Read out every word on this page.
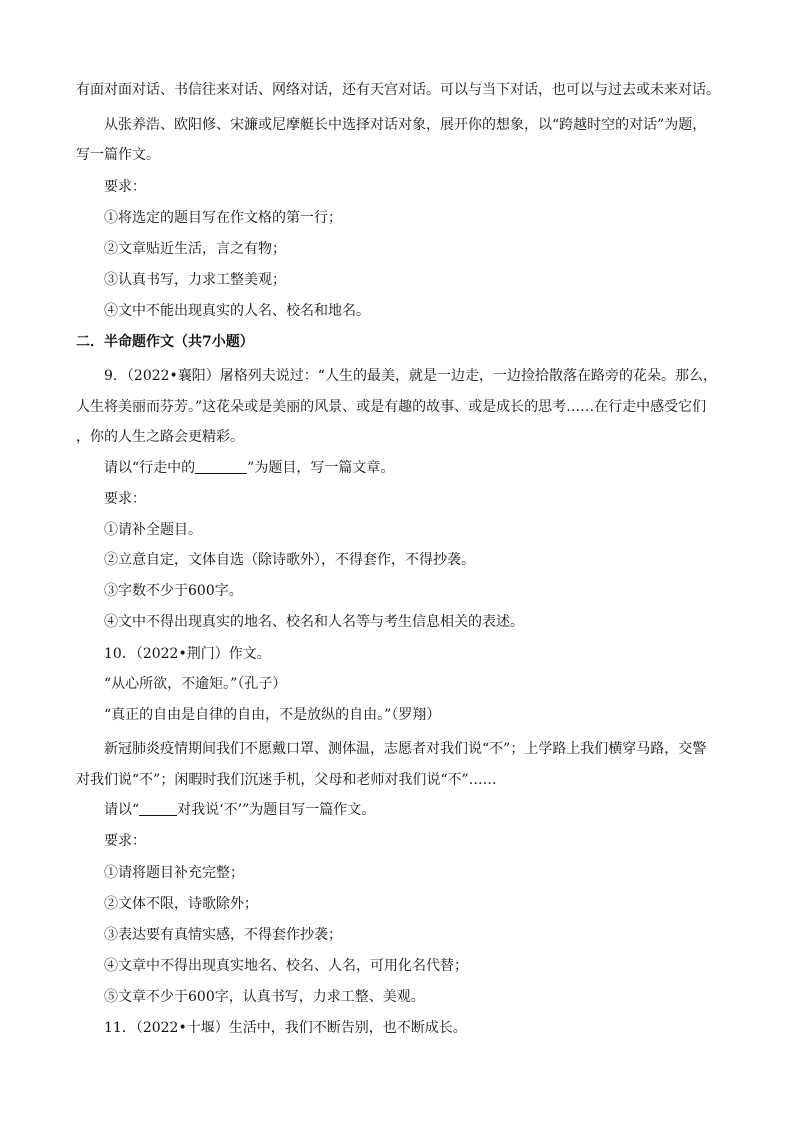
有面对面对话、书信往来对话、网络对话，还有天宫对话。可以与当下对话，也可以与过去或未来对话。
从张养浩、欧阳修、宋濂或尼摩艇长中选择对话对象，展开你的想象，以“跨越时空的对话”为题，
写一篇作文。
要求：
①将选定的题目写在作文格的第一行；
②文章贴近生活，言之有物；
③认真书写，力求工整美观；
④文中不能出现真实的人名、校名和地名。
二．半命题作文（共7小题）
9．（2022•襄阳）屠格列夫说过：“人生的最美，就是一边走，一边捡拾散落在路旁的花朵。那么，
人生将美丽而芬芳。”这花朵或是美丽的风景、或是有趣的故事、或是成长的思考……在行走中感受它们
，你的人生之路会更精彩。
请以“行走中的	”为题目，写一篇文章。
要求：
①请补全题目。
②立意自定，文体自选（除诗歌外），不得套作，不得抄袭。
③字数不少于600字。
④文中不得出现真实的地名、校名和人名等与考生信息相关的表述。
10．（2022•荆门）作文。
“从心所欲，不逾矩。”（孔子）
“真正的自由是自律的自由，不是放纵的自由。”（罗翔）
新冠肺炎疫情期间我们不愿戴口罩、测体温，志愿者对我们说“不”；上学路上我们横穿马路，交警
对我们说“不”；闲暇时我们沉迷手机，父母和老师对我们说“不”……
请以“	对我说‘不’”为题目写一篇作文。
要求：
①请将题目补充完整；
②文体不限，诗歌除外；
③表达要有真情实感，不得套作抄袭；
④文章中不得出现真实地名、校名、人名，可用化名代替；
⑤文章不少于600字，认真书写，力求工整、美观。
11．（2022•十堰）生活中，我们不断告别，也不断成长。
